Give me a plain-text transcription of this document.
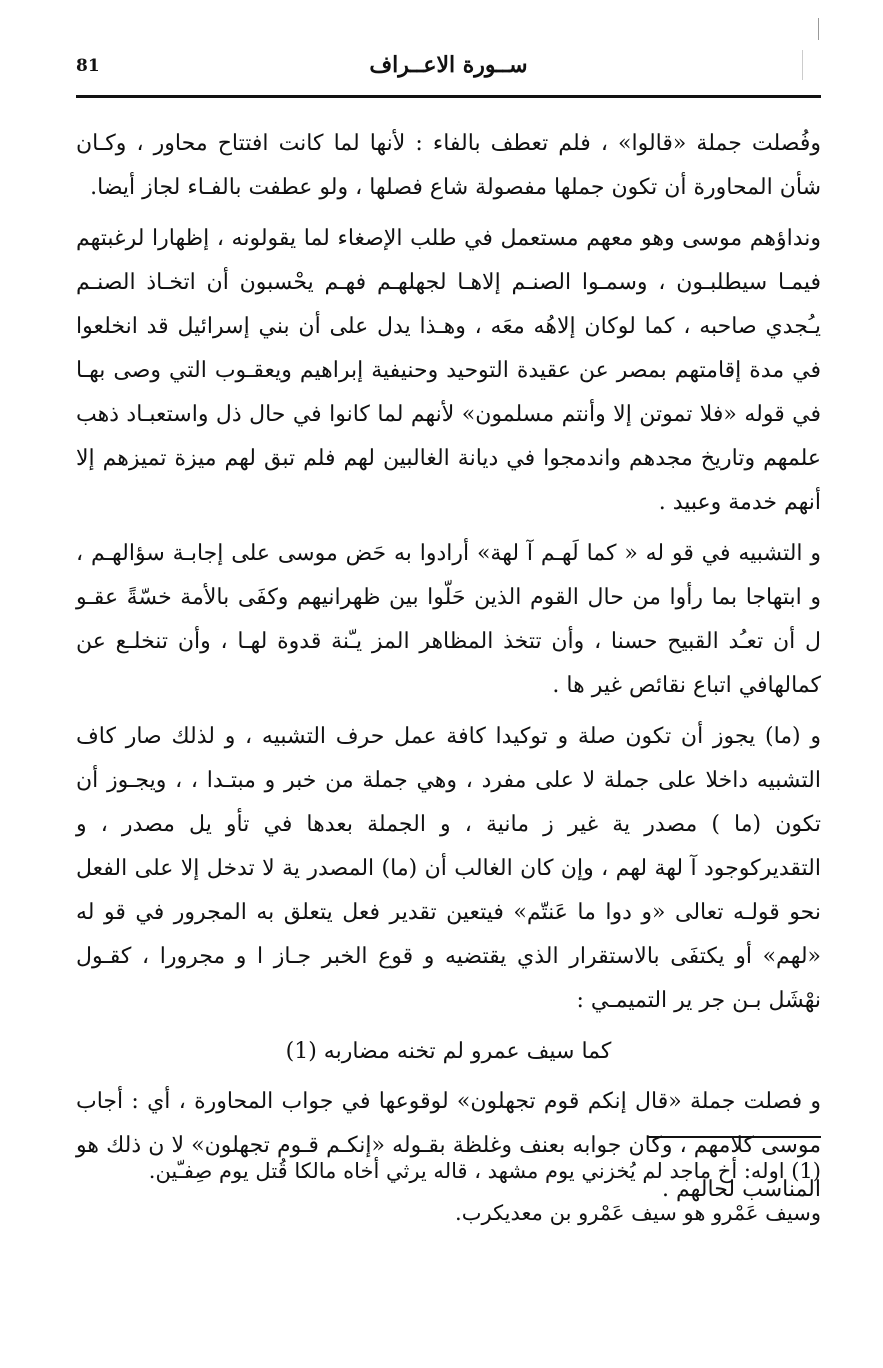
81	ســورة الاعــراف

وفُصلت جملة «قالوا» ، فلم تعطف بالفاء : لأنها لما كانت افتتاح محاور ، وكـان شأن المحاورة أن تكون جملها مفصولة شاع فصلها ، ولو عطفت بالفـاء لجاز أيضا.

ونداؤهم موسى وهو معهم مستعمل في طلب الإصغاء لما يقولونه ، إظهارا لرغبتهم فيمـا سيطلبـون ، وسمـوا الصنـم إلاهـا لجهلهـم فهـم يحْسبون أن اتخـاذ الصنـم يـُجدي صاحبه ، كما لوكان إلاهُه معَه ، وهـذا يدل على أن بني إسرائيل قد انخلعوا في مدة إقامتهم بمصر عن عقيدة التوحيد وحنيفية إبراهيم ويعقـوب التي وصى بهـا في قوله «فلا تموتن إلا وأنتم مسلمون» لأنهم لما كانوا في حال ذل واستعبـاد ذهب علمهم وتاريخ مجدهم واندمجوا في ديانة الغالبين لهم فلم تبق لهم ميزة تميزهم إلا أنهم خدمة وعبيد .

و التشبيه في قو له « كما لَهـم آ لهة» أرادوا به حَض موسى على إجابـة سؤالهـم ، و ابتهاجا بما رأوا من حال القوم الذين حَلّوا بين ظهرانيهم وكفَى بالأمة خسّةً عقـو ل أن تعـُد القبيح حسنا ، وأن تتخذ المظاهر المز يـّنة قدوة لهـا ، وأن تنخلـع عن كمالهافي اتباع نقائص غير ها .

و (ما) يجوز أن تكون صلة و توكيدا كافة عمل حرف التشبيه ، و لذلك صار كاف التشبيه داخلا على جملة لا على مفرد ، وهي جملة من خبر و مبتـدا ، ، ويجـوز أن تكون (ما ) مصدر ية غير ز مانية ، و الجملة بعدها في تأو يل مصدر ، و التقديركوجود آ لهة لهم ، وإن كان الغالب أن (ما) المصدر ية لا تدخل إلا على الفعل نحو قولـه تعالى «و دوا ما عَنتّم» فيتعين تقدير فعل يتعلق به المجرور في قو له «لهم» أو يكتفَى بالاستقرار الذي يقتضيه و قوع الخبر جـاز ا و مجرورا ، كقـول نهْشَل بـن جر ير التميمـي :

كما سيف عمرو لم تخنه مضاربه (1)

و فصلت جملة «قال إنكم قوم تجهلون» لوقوعها في جواب المحاورة ، أي : أجاب موسى كلامهم ، وكان جوابه بعنف وغلظة بقـوله «إنكـم قـوم تجهلون» لا ن ذلك هو المناسب لحالهم .

(1) اوله: أخ ماجد لم يُخزني يوم مشهد ، قاله يرثي أخاه مالكا قُتل يوم صِفـّين.

وسيف عَمْرو هو سيف عَمْرو بن معديكرب.
